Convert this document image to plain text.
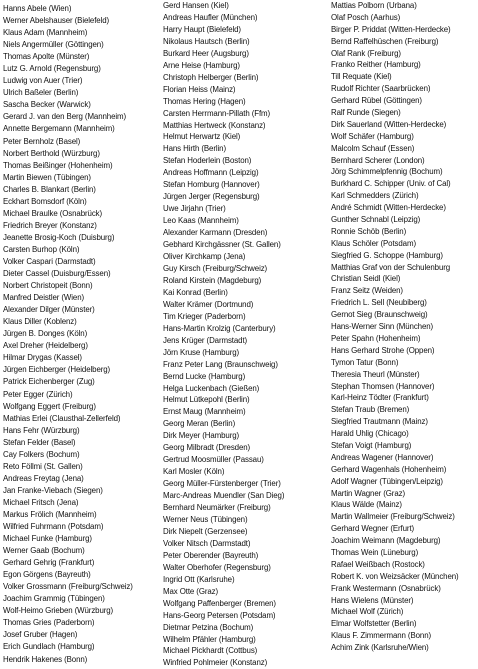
Hanns Abele (Wien)
Werner Abelshauser (Bielefeld)
Klaus Adam (Mannheim)
Niels Angermüller (Göttingen)
Thomas Apolte (Münster)
Lutz G. Arnold (Regensburg)
Ludwig von Auer (Trier)
Ulrich Baßeler (Berlin)
Sascha Becker (Warwick)
Gerard J. van den Berg (Mannheim)
Annette Bergemann (Mannheim)
Peter Bernholz (Basel)
Norbert Berthold (Würzburg)
Thomas Beißinger (Hohenheim)
Martin Biewen (Tübingen)
Charles B. Blankart (Berlin)
Eckhart Bomsdorf (Köln)
Michael Braulke (Osnabrück)
Friedrich Breyer (Konstanz)
Jeanette Brosig-Koch (Duisburg)
Carsten Burhop (Köln)
Volker Caspari (Darmstadt)
Dieter Cassel (Duisburg/Essen)
Norbert Christopeit (Bonn)
Manfred Deistler (Wien)
Alexander Dilger (Münster)
Klaus Diller (Koblenz)
Jürgen B. Donges (Köln)
Axel Dreher (Heidelberg)
Hilmar Drygas (Kassel)
Jürgen Eichberger (Heidelberg)
Patrick Eichenberger (Zug)
Peter Egger (Zürich)
Wolfgang Eggert (Freiburg)
Mathias Erlei (Clausthal-Zellerfeld)
Hans Fehr (Würzburg)
Stefan Felder (Basel)
Cay Folkers (Bochum)
Reto Föllmi (St. Gallen)
Andreas Freytag (Jena)
Jan Franke-Viebach (Siegen)
Michael Fritsch (Jena)
Markus Frölich (Mannheim)
Wilfried Fuhrmann (Potsdam)
Michael Funke (Hamburg)
Werner Gaab (Bochum)
Gerhard Gehrig (Frankfurt)
Egon Görgens (Bayreuth)
Volker Grossmann (Freiburg/Schweiz)
Joachim Grammig (Tübingen)
Wolf-Heimo Grieben (Würzburg)
Thomas Gries (Paderborn)
Josef Gruber (Hagen)
Erich Gundlach (Hamburg)
Hendrik Hakenes (Bonn)
Gerd Hansen (Kiel)
Andreas Haufler (München)
Harry Haupt (Bielefeld)
Nikolaus Hautsch (Berlin)
Burkard Heer (Augsburg)
Arne Heise (Hamburg)
Christoph Helberger (Berlin)
Florian Heiss (Mainz)
Thomas Hering (Hagen)
Carsten Herrmann-Pillath (Ffm)
Matthias Hertweck (Konstanz)
Helmut Herwartz (Kiel)
Hans Hirth (Berlin)
Stefan Hoderlein (Boston)
Andreas Hoffmann (Leipzig)
Stefan Homburg (Hannover)
Jürgen Jerger (Regensburg)
Uwe Jirjahn (Trier)
Leo Kaas (Mannheim)
Alexander Karmann (Dresden)
Gebhard Kirchgässner (St. Gallen)
Oliver Kirchkamp (Jena)
Guy Kirsch (Freiburg/Schweiz)
Roland Kirstein (Magdeburg)
Kai Konrad (Berlin)
Walter Krämer (Dortmund)
Tim Krieger (Paderborn)
Hans-Martin Krolzig (Canterbury)
Jens Krüger (Darmstadt)
Jörn Kruse (Hamburg)
Franz Peter Lang (Braunschweig)
Bernd Lucke (Hamburg)
Helga Luckenbach (Gießen)
Helmut Lütkepohl (Berlin)
Ernst Maug (Mannheim)
Georg Meran (Berlin)
Dirk Meyer (Hamburg)
Georg Milbradt (Dresden)
Gertrud Moosmüller (Passau)
Karl Mosler (Köln)
Georg Müller-Fürstenberger (Trier)
Marc-Andreas Muendler (San Dieg)
Bernhard Neumärker (Freiburg)
Werner Neus (Tübingen)
Dirk Niepelt (Gerzensee)
Volker Nitsch (Darmstadt)
Peter Oberender (Bayreuth)
Walter Oberhofer (Regensburg)
Ingrid Ott (Karlsruhe)
Max Otte (Graz)
Wolfgang Paffenberger (Bremen)
Hans-Georg Petersen (Potsdam)
Dietmar Petzina (Bochum)
Wilhelm Pfähler (Hamburg)
Michael Pickhardt (Cottbus)
Winfried Pohlmeier (Konstanz)
Mattias Polborn (Urbana)
Olaf Posch (Aarhus)
Birger P. Priddat (Witten-Herdecke)
Bernd Raffelhüschen (Freiburg)
Olaf Rank (Freiburg)
Franko Reither (Hamburg)
Till Requate (Kiel)
Rudolf Richter (Saarbrücken)
Gerhard Rübel (Göttingen)
Ralf Runde (Siegen)
Dirk Sauerland (Witten-Herdecke)
Wolf Schäfer (Hamburg)
Malcolm Schauf (Essen)
Bernhard Scherer (London)
Jörg Schimmelpfennig (Bochum)
Burkhard C. Schipper (Univ. of Cal)
Karl Schmedders (Zürich)
André Schmidt (Witten-Herdecke)
Gunther Schnabl (Leipzig)
Ronnie Schöb (Berlin)
Klaus Schöler (Potsdam)
Siegfried G. Schoppe (Hamburg)
Matthias Graf von der Schulenburg
Christian Seidl (Kiel)
Franz Seitz (Weiden)
Friedrich L. Sell (Neubiberg)
Gernot Sieg (Braunschweig)
Hans-Werner Sinn (München)
Peter Spahn (Hohenheim)
Hans Gerhard Strohe (Oppen)
Tymon Tatur (Bonn)
Theresia Theurl (Münster)
Stephan Thomsen (Hannover)
Karl-Heinz Tödter (Frankfurt)
Stefan Traub (Bremen)
Siegfried Trautmann (Mainz)
Harald Uhlig (Chicago)
Stefan Voigt (Hamburg)
Andreas Wagener (Hannover)
Gerhard Wagenhals (Hohenheim)
Adolf Wagner (Tübingen/Leipzig)
Martin Wagner (Graz)
Klaus Wälde (Mainz)
Martin Wallmeier (Freiburg/Schweiz)
Gerhard Wegner (Erfurt)
Joachim Weimann (Magdeburg)
Thomas Wein (Lüneburg)
Rafael Weißbach (Rostock)
Robert K. von Weizsäcker (München)
Frank Westermann (Osnabrück)
Hans Wielens (Münster)
Michael Wolf (Zürich)
Elmar Wolfstetter (Berlin)
Klaus F. Zimmermann (Bonn)
Achim Zink (Karlsruhe/Wien)
